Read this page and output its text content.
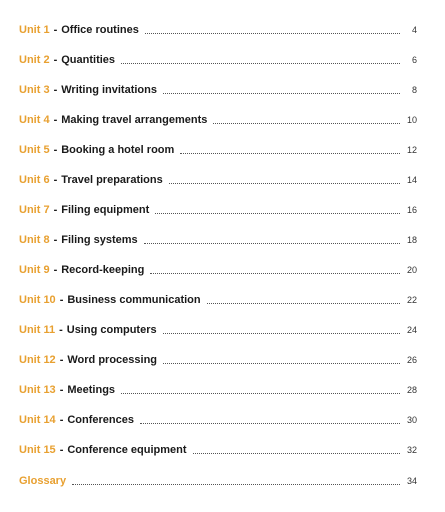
Unit 1 - Office routines	4
Unit 2 - Quantities	6
Unit 3 - Writing invitations	8
Unit 4 - Making travel arrangements	10
Unit 5 - Booking a hotel room	12
Unit 6 - Travel preparations	14
Unit 7 - Filing equipment	16
Unit 8 - Filing systems	18
Unit 9 - Record-keeping	20
Unit 10 - Business communication	22
Unit 11 - Using computers	24
Unit 12 - Word processing	26
Unit 13 - Meetings	28
Unit 14 - Conferences	30
Unit 15 - Conference equipment	32
Glossary	34
